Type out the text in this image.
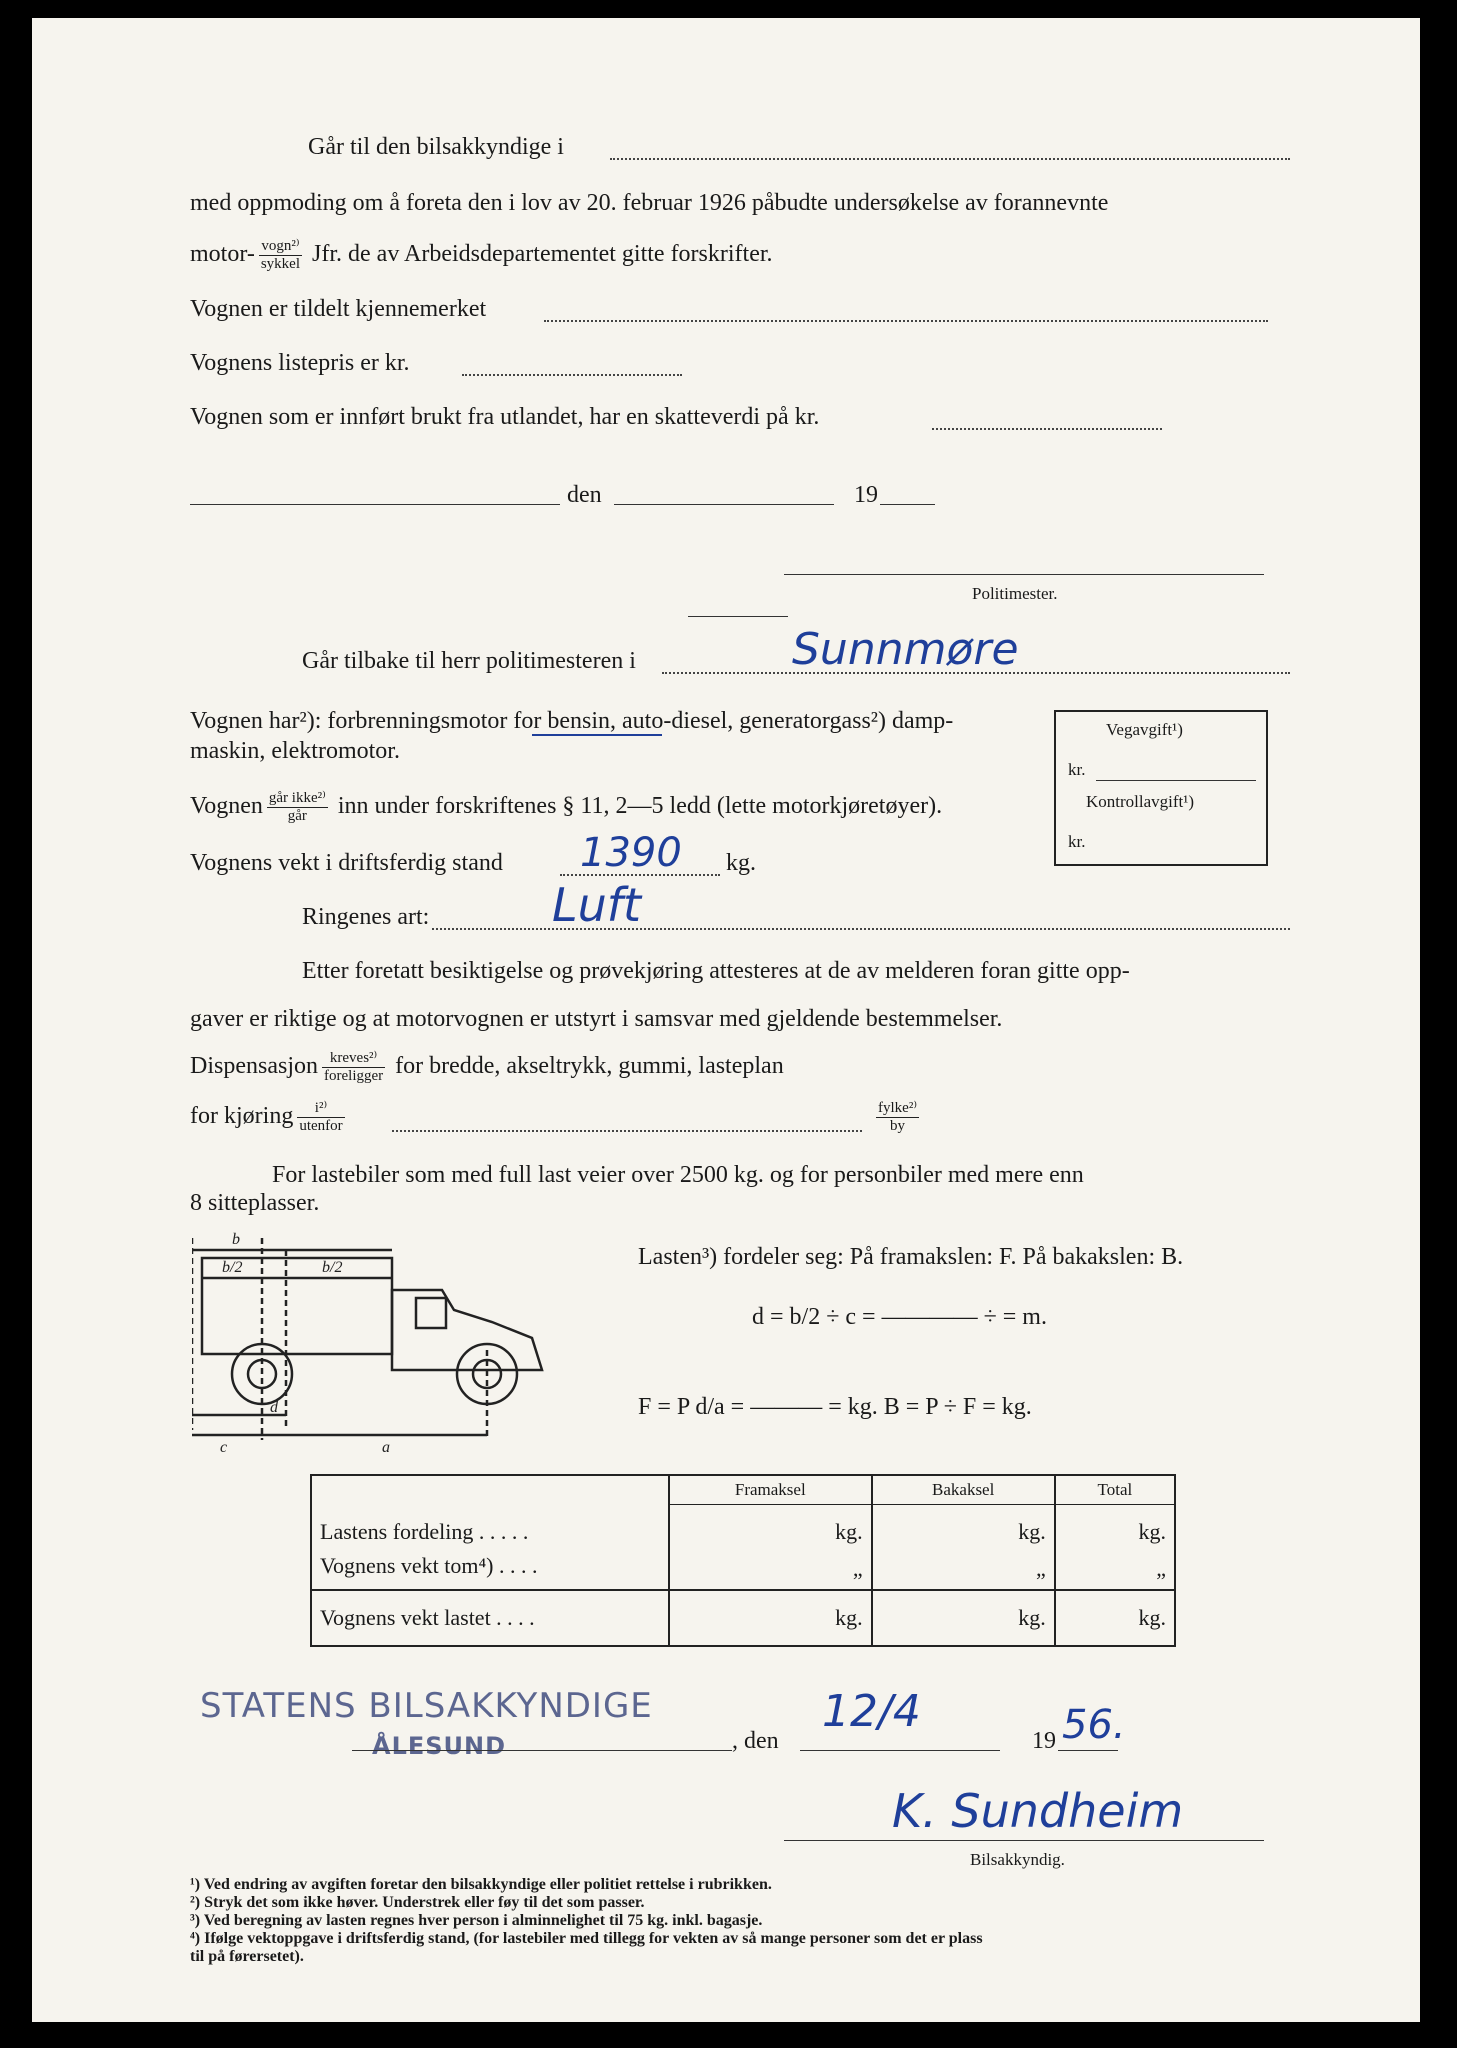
Går til den bilsakkyndige i
med oppmoding om å foreta den i lov av 20. februar 1926 påbudte undersøkelse av forannevnte
motor- $\frac{\text{vogn²⁾}}{\text{sykkel}}$ Jfr. de av Arbeidsdepartementet gitte forskrifter.
Vognen er tildelt kjennemerket
Vognens listepris er kr.
Vognen som er innført brukt fra utlandet, har en skatteverdi på kr.
den	19
Politimester.
Går tilbake til herr politimesteren i	Sunnmøre
Vognen har²): forbrenningsmotor for bensin, auto-diesel, generatorgass²) damp-
maskin, elektromotor.
Vognen $\frac{\text{går ikke²⁾}}{\text{går}}$ inn under forskriftenes § 11, 2—5 ledd (lette motorkjøretøyer).
Vognens vekt i driftsferdig stand 1390 kg.
Ringenes art:	Luft
Vegavgift¹)
kr.
Kontrollavgift¹)
kr.
Etter foretatt besiktigelse og prøvekjøring attesteres at de av melderen foran gitte opp-
gaver er riktige og at motorvognen er utstyrt i samsvar med gjeldende bestemmelser.
Dispensasjon $\frac{\text{kreves²⁾}}{\text{foreligger}}$ for bredde, akseltrykk, gummi, lasteplan
for kjøring $\frac{\text{i²⁾}}{\text{utenfor}}$	$\frac{\text{fylke²⁾}}{by}$
For lastebiler som med full last veier over 2500 kg. og for personbiler med mere enn
8 sitteplasser.
b
b/2	b/2
d
c	a
Lasten³) fordeler seg: På framakslen: F. På bakakslen: B.
d = b/2 ÷ c = ———— ÷ = m.
F = P d/a = ——— = kg. B = P ÷ F = kg.
	Framaksel	Bakaksel	Total
Lastens fordeling . . . . .	kg.	kg.	kg.
Vognens vekt tom⁴) . . . .	„	„	„
Vognens vekt lastet . . . .	kg.	kg.	kg.
STATENS BILSAKKYNDIGE
ÅLESUND	, den
12/4
19 56.
K. Sundheim
Bilsakkyndig.
¹) Ved endring av avgiften foretar den bilsakkyndige eller politiet rettelse i rubrikken.
²) Stryk det som ikke høver. Understrek eller føy til det som passer.
³) Ved beregning av lasten regnes hver person i alminnelighet til 75 kg. inkl. bagasje.
⁴) Ifølge vektoppgave i driftsferdig stand, (for lastebiler med tillegg for vekten av så mange personer som det er plass
til på førersetet).
